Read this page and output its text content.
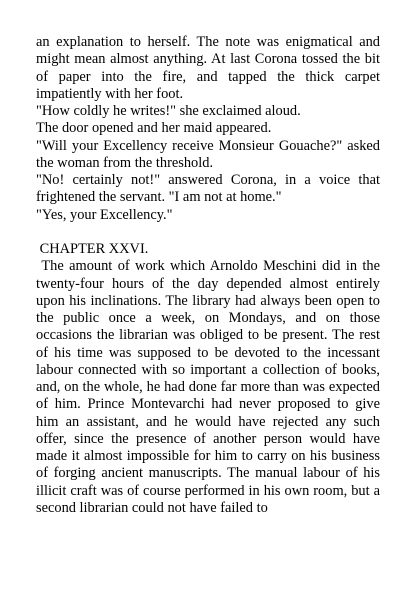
an explanation to herself. The note was enigmatical and might mean almost anything. At last Corona tossed the bit of paper into the fire, and tapped the thick carpet impatiently with her foot.

"How coldly he writes!" she exclaimed aloud.

The door opened and her maid appeared.

"Will your Excellency receive Monsieur Gouache?" asked the woman from the threshold.

"No! certainly not!" answered Corona, in a voice that frightened the servant. "I am not at home."

"Yes, your Excellency."

CHAPTER XXVI.

The amount of work which Arnoldo Meschini did in the twenty-four hours of the day depended almost entirely upon his inclinations. The library had always been open to the public once a week, on Mondays, and on those occasions the librarian was obliged to be present. The rest of his time was supposed to be devoted to the incessant labour connected with so important a collection of books, and, on the whole, he had done far more than was expected of him. Prince Montevarchi had never proposed to give him an assistant, and he would have rejected any such offer, since the presence of another person would have made it almost impossible for him to carry on his business of forging ancient manuscripts. The manual labour of his illicit craft was of course performed in his own room, but a second librarian could not have failed to
